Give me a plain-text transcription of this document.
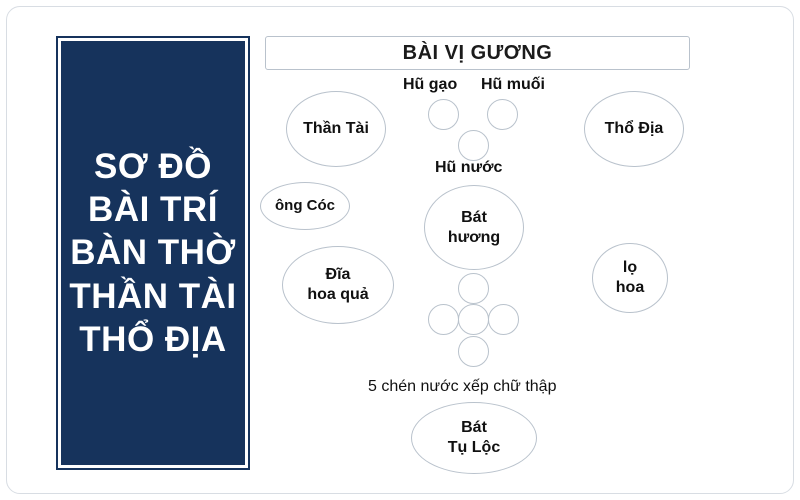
SƠ ĐỒ
BÀI TRÍ
BÀN THỜ
THẦN TÀI
THỔ ĐỊA
BÀI VỊ GƯƠNG
Hũ gạo Hũ muối
Hũ nước
Thần Tài	Thổ Địa
ông Cóc
Bát
hương
Đĩa
hoa quả
lọ
hoa
5 chén nước xếp chữ thập
Bát
Tụ Lộc
